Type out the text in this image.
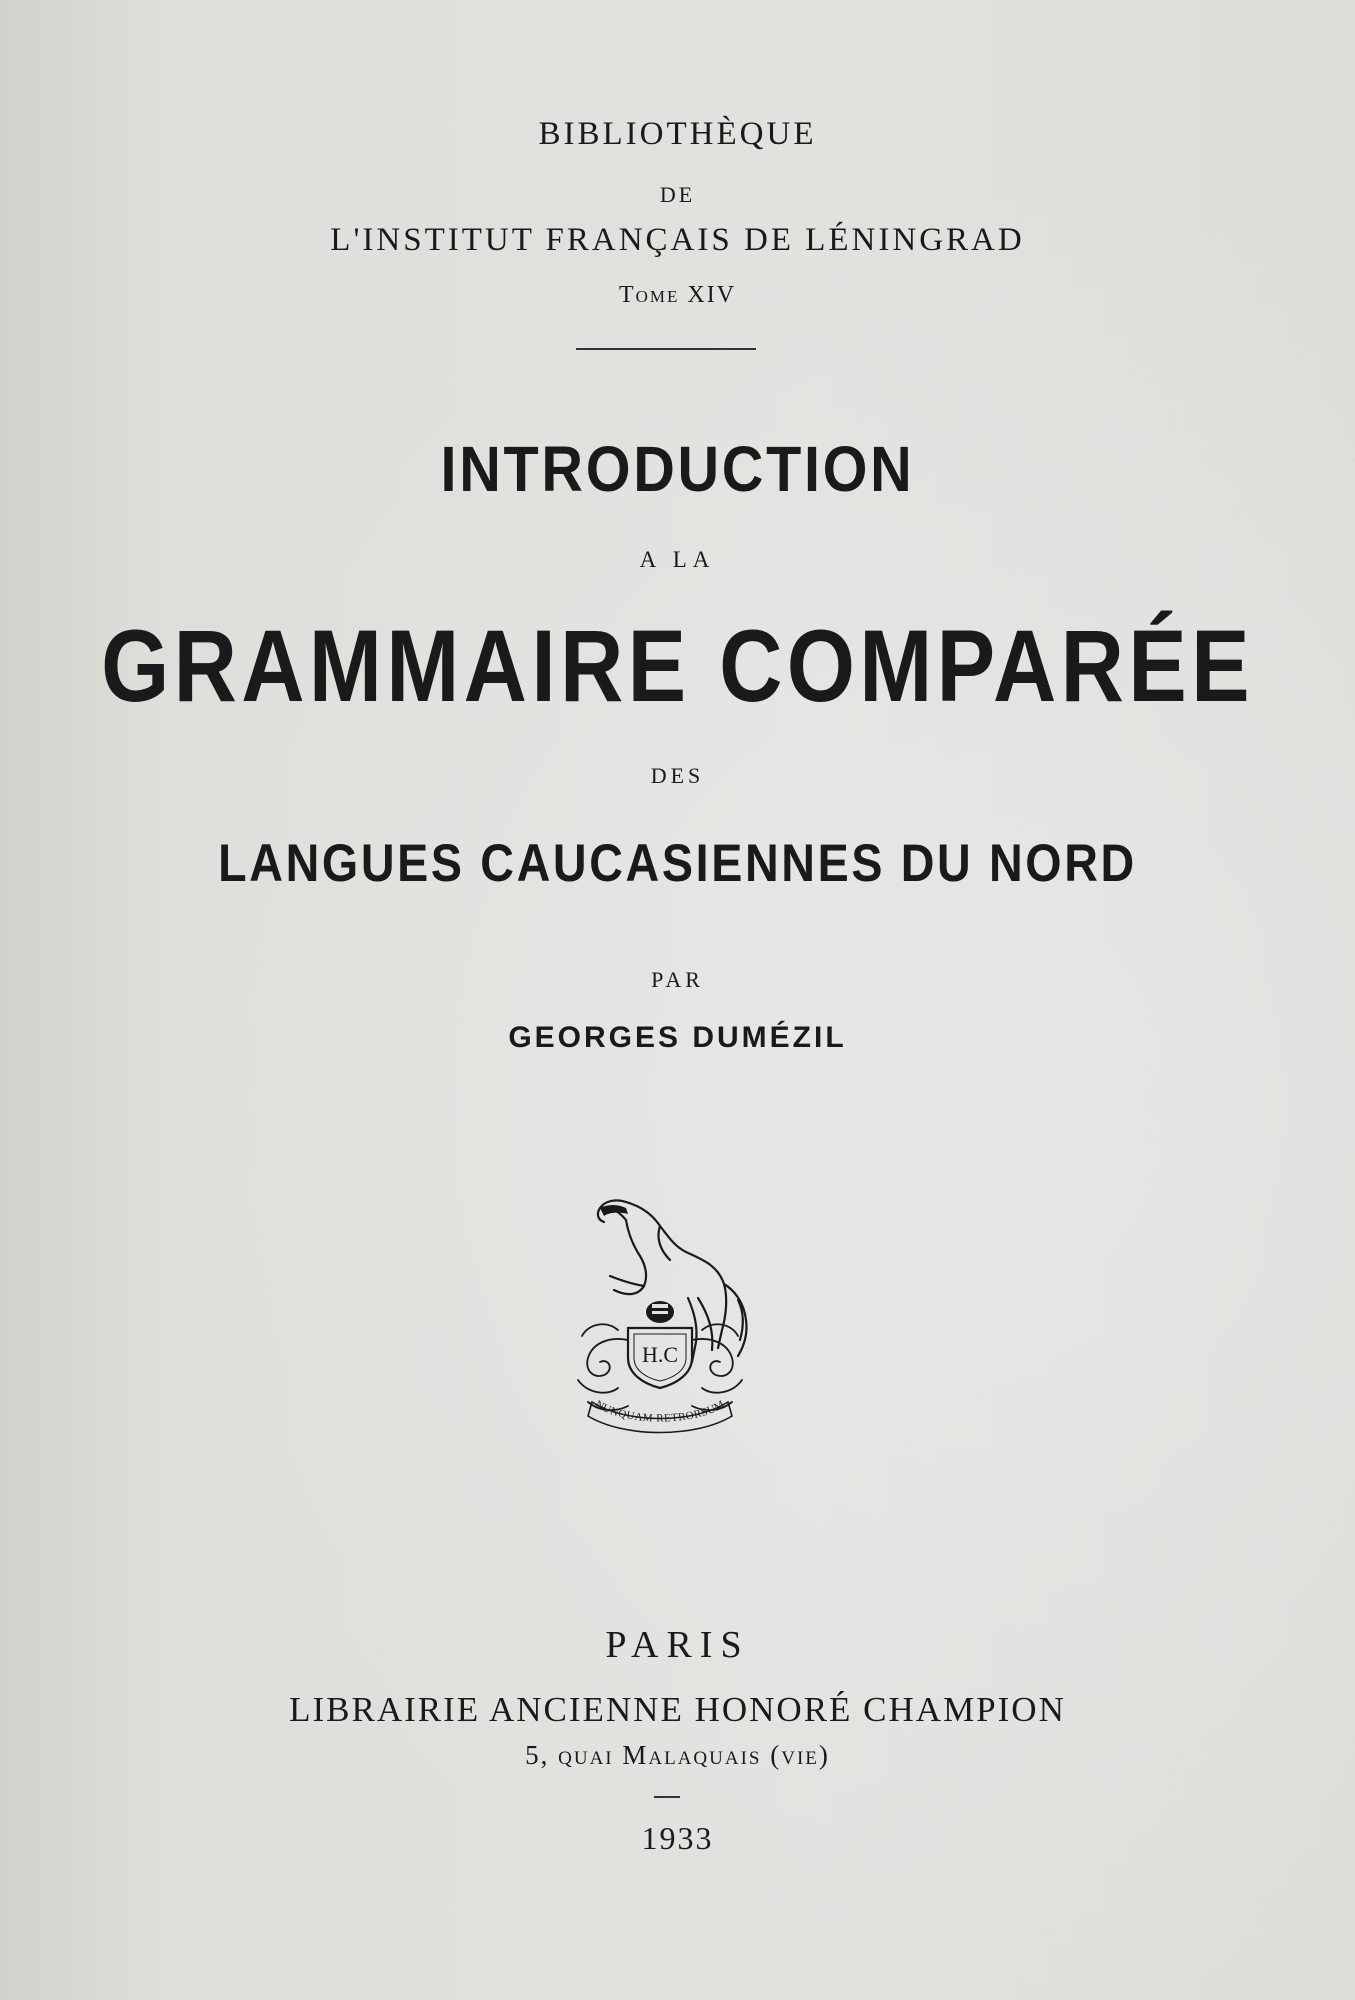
BIBLIOTHÈQUE
DE
L'INSTITUT FRANÇAIS DE LÉNINGRAD
Tome XIV
INTRODUCTION
A LA
GRAMMAIRE COMPARÉE
DES
LANGUES CAUCASIENNES DU NORD
PAR
GEORGES DUMÉZIL
H.C
NUNQUAM RETRORSUM
PARIS
LIBRAIRIE ANCIENNE HONORÉ CHAMPION
5, quai Malaquais (vie)
1933
